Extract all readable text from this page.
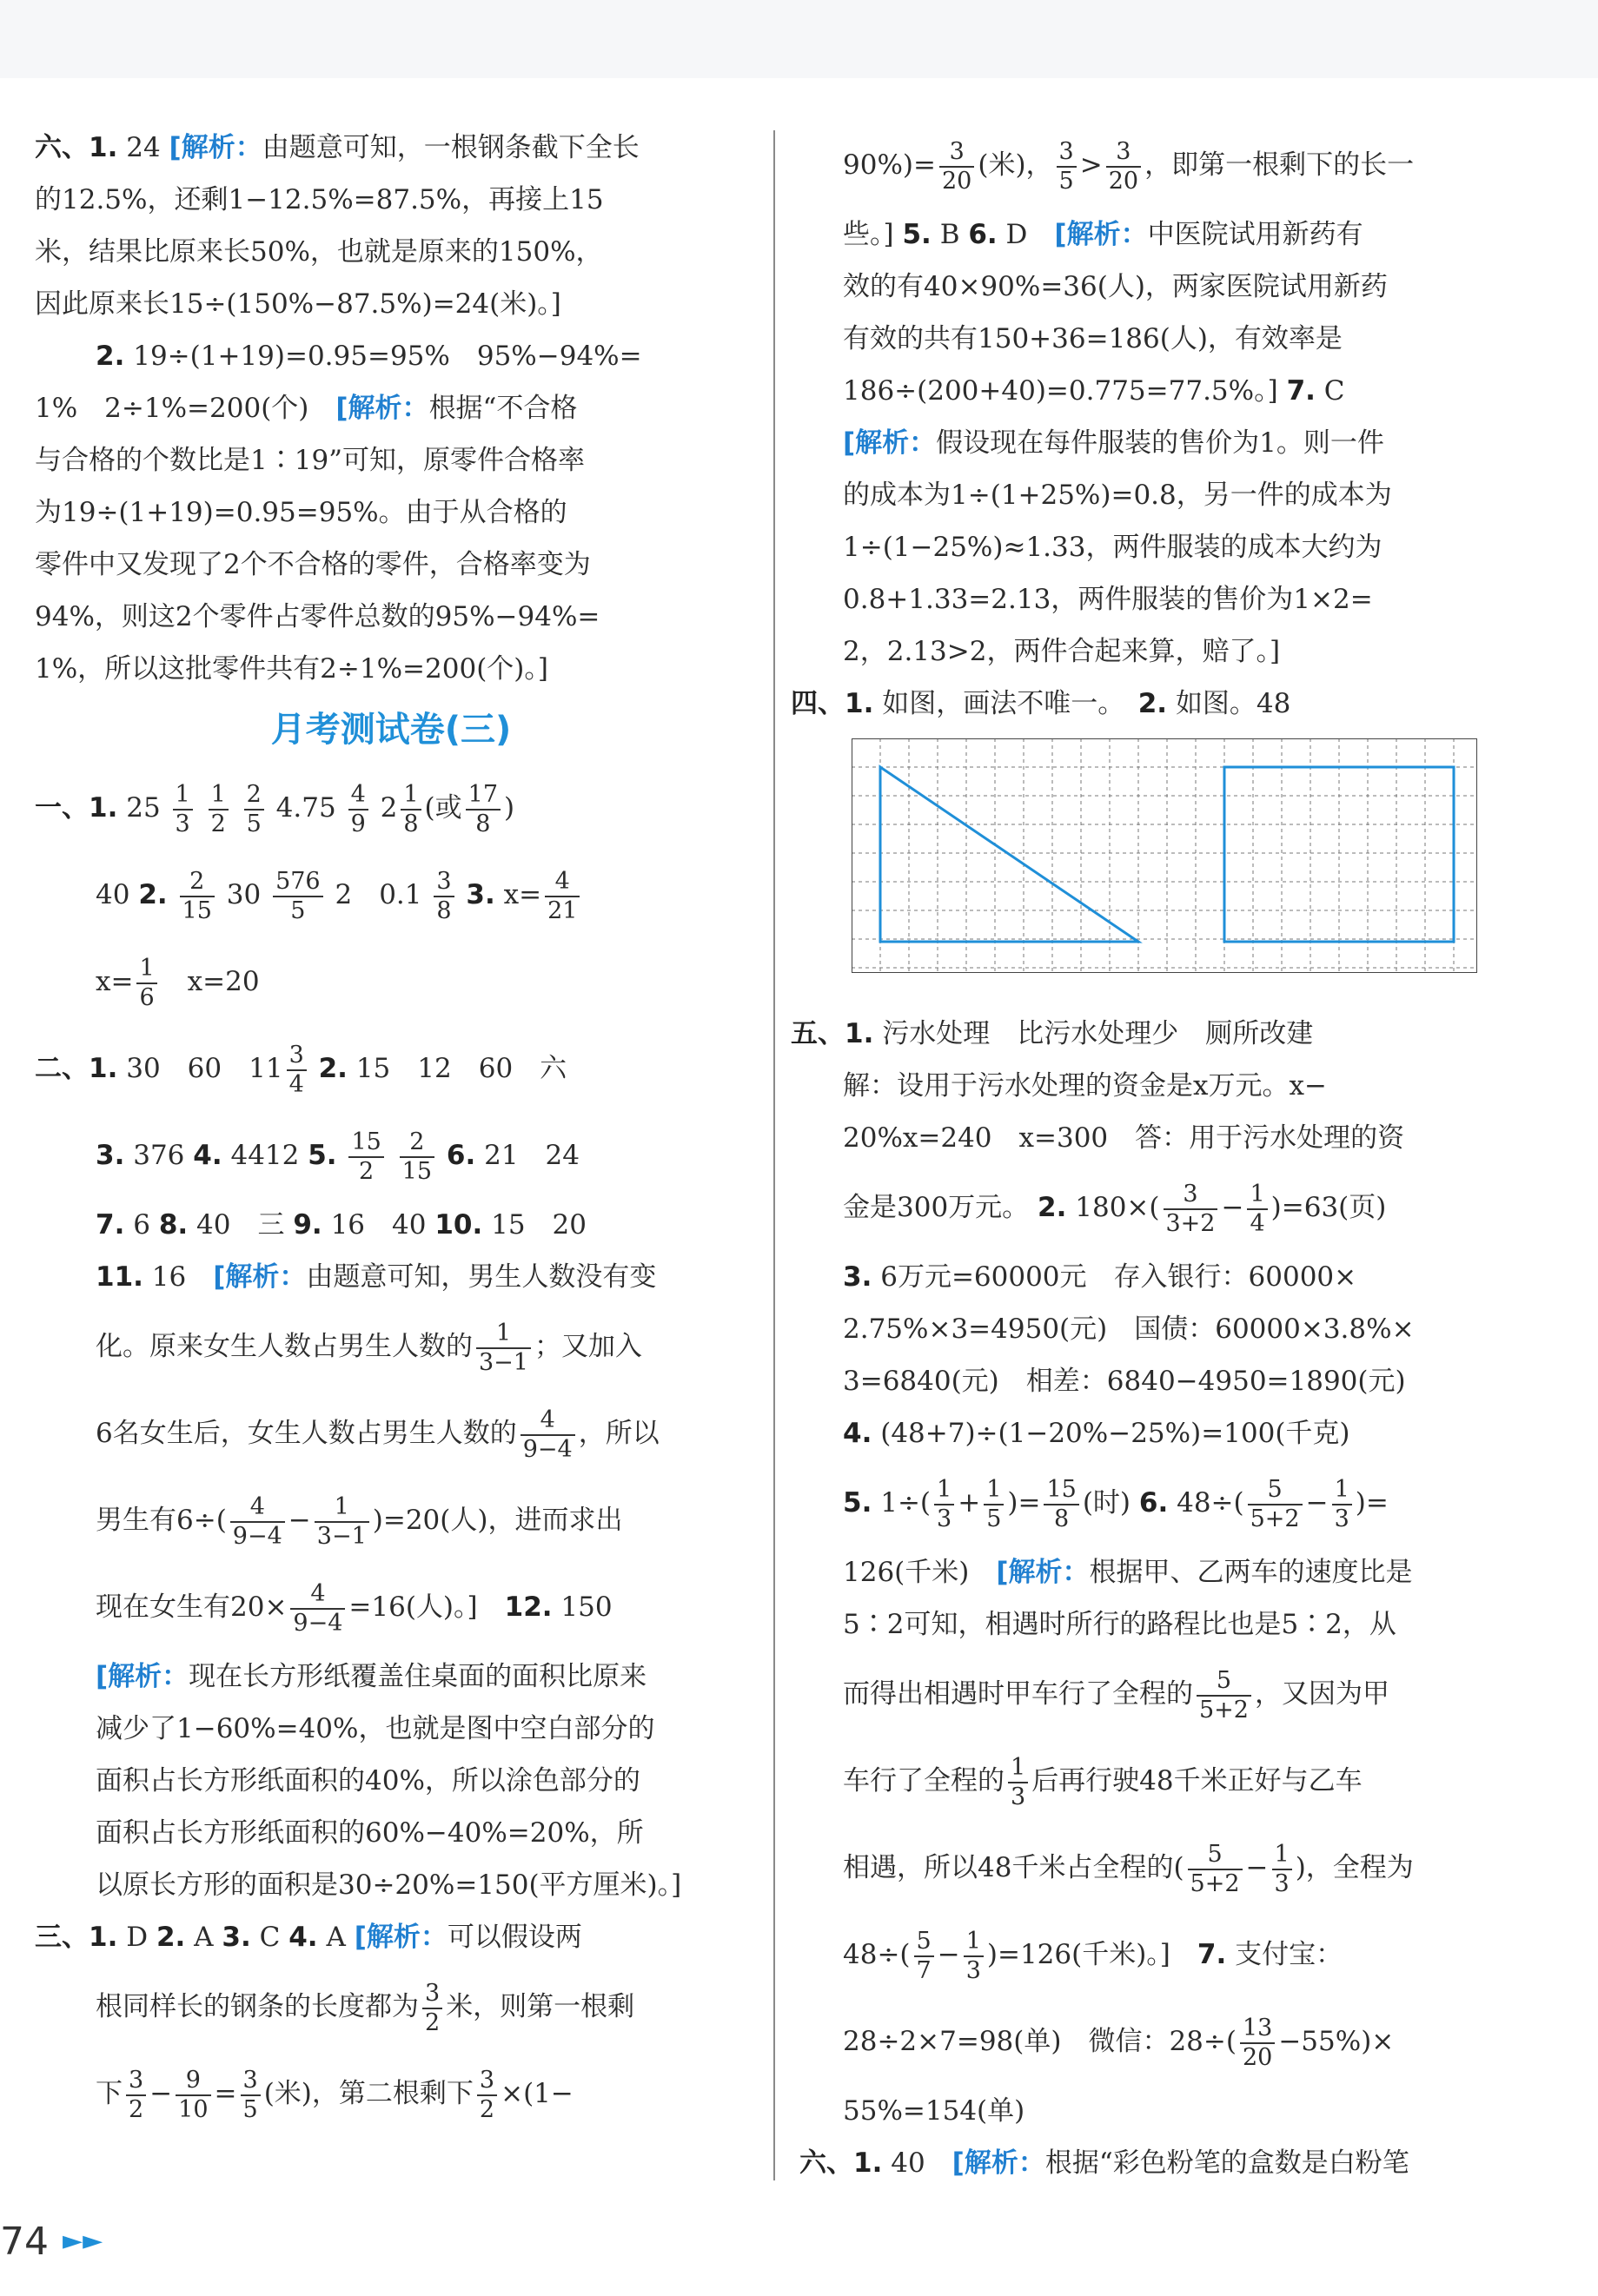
六、1. 24 [解析：由题意可知，一根钢条截下全长
的12.5%，还剩1−12.5%=87.5%，再接上15
米，结果比原来长50%，也就是原来的150%，
因此原来长15÷(150%−87.5%)=24(米)。]
2. 19÷(1+19)=0.95=95%　95%−94%=
1%　2÷1%=200(个)　 [解析：根据“不合格
与合格的个数比是1∶19”可知，原零件合格率
为19÷(1+19)=0.95=95%。由于从合格的
零件中又发现了2个不合格的零件，合格率变为
94%，则这2个零件占零件总数的95%−94%=
1%，所以这批零件共有2÷1%=200(个)。]
月考测试卷(三)
一、1. $25 \frac{1}{3}$
$\frac{1}{2}$
$\frac{2}{5} 4.75 \frac{4}{9} 2 \frac{1}{8}$ (或 $\frac{17}{8}$ )
40 2. $\frac{2}{15} 30 \frac{576}{5} 2$　$0.1 \frac{3}{8} 3$. $x= \frac{4}{21}$
$x= \frac{1}{6}$
　 x=20
二、1. 30　60　$11 \frac{3}{4} 2$. 15　12　60　六
3. 376 4. 4412 5. $\frac{15}{2}$
$\frac{2}{15} 6$. 21　24
7. 6 8. 40　三 9. 16　40 10. 15　20
11. 16　 [解析：由题意可知，男生人数没有变
化。原来女生人数占男生人数的 $\frac{1}{3-1}$ ；又加入
6名女生后，女生人数占男生人数的 $\frac{4}{9-4}$ ，所以
男生有$6\div( \frac{4}{9-4} - \frac{1}{3-1} )=20$(人)，进而求出
现在女生有$20\times \frac{4}{9-4} =16$(人)。]　 12. 150
[解析：现在长方形纸覆盖住桌面的面积比原来
减少了1−60%=40%，也就是图中空白部分的
面积占长方形纸面积的40%，所以涂色部分的
面积占长方形纸面积的60%−40%=20%，所
以原长方形的面积是30÷20%=150(平方厘米)。]
三、1. D 2. A 3. C 4. A [解析：可以假设两
根同样长的钢条的长度都为 $\frac{3}{2}$ 米，则第一根剩
下 $\frac{3}{2} - \frac{9}{10} = \frac{3}{5}$ (米)，第二根剩下 $\frac{3}{2} \times(1-$
$90\%)= \frac{3}{20}$ (米)， $\frac{3}{5} > \frac{3}{20}$ ，即第一根剩下的长一
些。] 5. B 6. D　 [解析：中医院试用新药有
效的有40×90%=36(人)，两家医院试用新药
有效的共有150+36=186(人)，有效率是
186÷(200+40)=0.775=77.5%。] 7. C
[解析：假设现在每件服装的售价为1。则一件
的成本为1÷(1+25%)=0.8，另一件的成本为
1÷(1−25%)≈1.33，两件服装的成本大约为
0.8+1.33=2.13，两件服装的售价为1×2=
2，2.13>2，两件合起来算，赔了。]
四、1. 如图，画法不唯一。　 2. 如图。48
五、1. 污水处理　比污水处理少　厕所改建
解：设用于污水处理的资金是x万元。x−
20%x=240　x=300　答：用于污水处理的资
金是300万元。 2. $180\times( \frac{3}{3+2} - \frac{1}{4} )=63$(页)
3. 6万元=60000元　存入银行：60000×
2.75%×3=4950(元)　国债：60000×3.8%×
3=6840(元)　相差：6840−4950=1890(元)
4. (48+7)÷(1−20%−25%)=100(千克)
5. $1\div( \frac{1}{3} + \frac{1}{5}$ )= $\frac{15}{8}$ (时) 6. $48\div( \frac{5}{5+2} - \frac{1}{3}$ )=
126(千米)　 [解析：根据甲、乙两车的速度比是
5∶2可知，相遇时所行的路程比也是5∶2，从
而得出相遇时甲车行了全程的 $\frac{5}{5+2}$ ，又因为甲
车行了全程的 $\frac{1}{3}$ 后再行驶48千米正好与乙车
相遇，所以48千米占全程的( $\frac{5}{5+2} - \frac{1}{3}$ )，全程为
$48\div( \frac{5}{7} - \frac{1}{3} )=126$(千米)。]　 7. 支付宝：
28÷2×7=98(单)　微信：$28\div( \frac{13}{20} -55\%)\times$
55%=154(单)
六、1. 40　 [解析：根据“彩色粉笔的盒数是白粉笔
74 ►►
